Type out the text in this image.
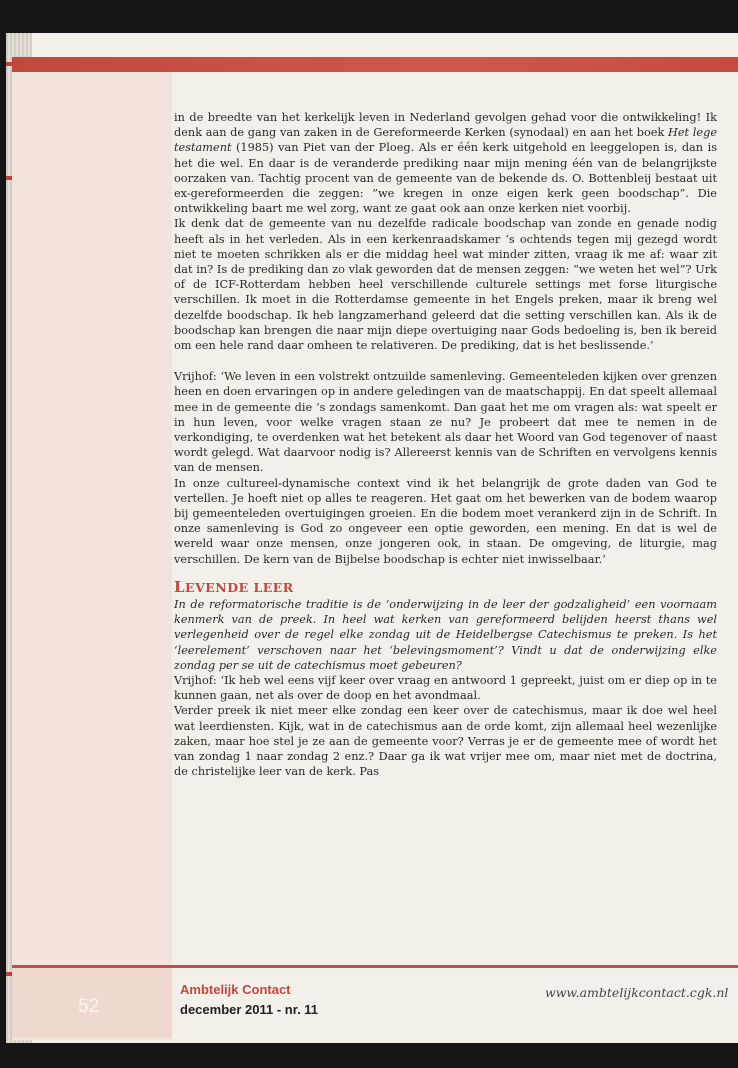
52

in de breedte van het kerkelijk leven in Nederland gevolgen gehad voor die ontwikkeling! Ik denk aan de gang van zaken in de Gereformeerde Kerken (synodaal) en aan het boek Het lege testament (1985) van Piet van der Ploeg. Als er één kerk uitgehold en leeggelopen is, dan is het die wel. En daar is de veranderde prediking naar mijn mening één van de belangrijkste oorzaken van. Tachtig procent van de gemeente van de bekende ds. O. Bottenbleij bestaat uit ex-gereformeerden die zeggen: ”we kregen in onze eigen kerk geen boodschap”. Die ontwikkeling baart me wel zorg, want ze gaat ook aan onze kerken niet voorbij.

Ik denk dat de gemeente van nu dezelfde radicale boodschap van zonde en genade nodig heeft als in het verleden. Als in een kerkenraadskamer ‘s ochtends tegen mij gezegd wordt niet te moeten schrikken als er die middag heel wat minder zitten, vraag ik me af: waar zit dat in? Is de prediking dan zo vlak geworden dat de mensen zeggen: “we weten het wel”? Urk of de ICF-Rotterdam hebben heel verschillende culturele settings met forse liturgische verschillen. Ik moet in die Rotterdamse gemeente in het Engels preken, maar ik breng wel dezelfde boodschap. Ik heb langzamerhand geleerd dat die setting verschillen kan. Als ik de boodschap kan brengen die naar mijn diepe overtuiging naar Gods bedoeling is, ben ik bereid om een hele rand daar omheen te relativeren. De prediking, dat is het beslissende.’

Vrijhof: ‘We leven in een volstrekt ontzuilde samenleving. Gemeenteleden kijken over grenzen heen en doen ervaringen op in andere geledingen van de maatschappij. En dat speelt allemaal mee in de gemeente die ‘s zondags samenkomt. Dan gaat het me om vragen als: wat speelt er in hun leven, voor welke vragen staan ze nu? Je probeert dat mee te nemen in de verkondiging, te overdenken wat het betekent als daar het Woord van God tegenover of naast wordt gelegd. Wat daarvoor nodig is? Allereerst kennis van de Schriften en vervolgens kennis van de mensen.

In onze cultureel-dynamische context vind ik het belangrijk de grote daden van God te vertellen. Je hoeft niet op alles te reageren. Het gaat om het bewerken van de bodem waarop bij gemeenteleden overtuigingen groeien. En die bodem moet verankerd zijn in de Schrift. In onze samenleving is God zo ongeveer een optie geworden, een mening. En dat is wel de wereld waar onze mensen, onze jongeren ook, in staan. De omgeving, de liturgie, mag verschillen. De kern van de Bijbelse boodschap is echter niet inwisselbaar.’

LEVENDE LEER

In de reformatorische traditie is de ‘onderwijzing in de leer der godzaligheid’ een voornaam kenmerk van de preek. In heel wat kerken van gereformeerd belijden heerst thans wel verlegenheid over de regel elke zondag uit de Heidelbergse Catechismus te preken. Is het ‘leerelement’ verschoven naar het ‘belevingsmoment’? Vindt u dat de onderwijzing elke zondag per se uit de catechismus moet gebeuren?

Vrijhof: ‘Ik heb wel eens vijf keer over vraag en antwoord 1 gepreekt, juist om er diep op in te kunnen gaan, net als over de doop en het avondmaal.

Verder preek ik niet meer elke zondag een keer over de catechismus, maar ik doe wel heel wat leerdiensten. Kijk, wat in de catechismus aan de orde komt, zijn allemaal heel wezenlijke zaken, maar hoe stel je ze aan de gemeente voor? Verras je er de gemeente mee of wordt het van zondag 1 naar zondag 2 enz.? Daar ga ik wat vrijer mee om, maar niet met de doctrina, de christelijke leer van de kerk. Pas

Ambtelijk Contact
december 2011 - nr. 11
www.ambtelijkcontact.cgk.nl
